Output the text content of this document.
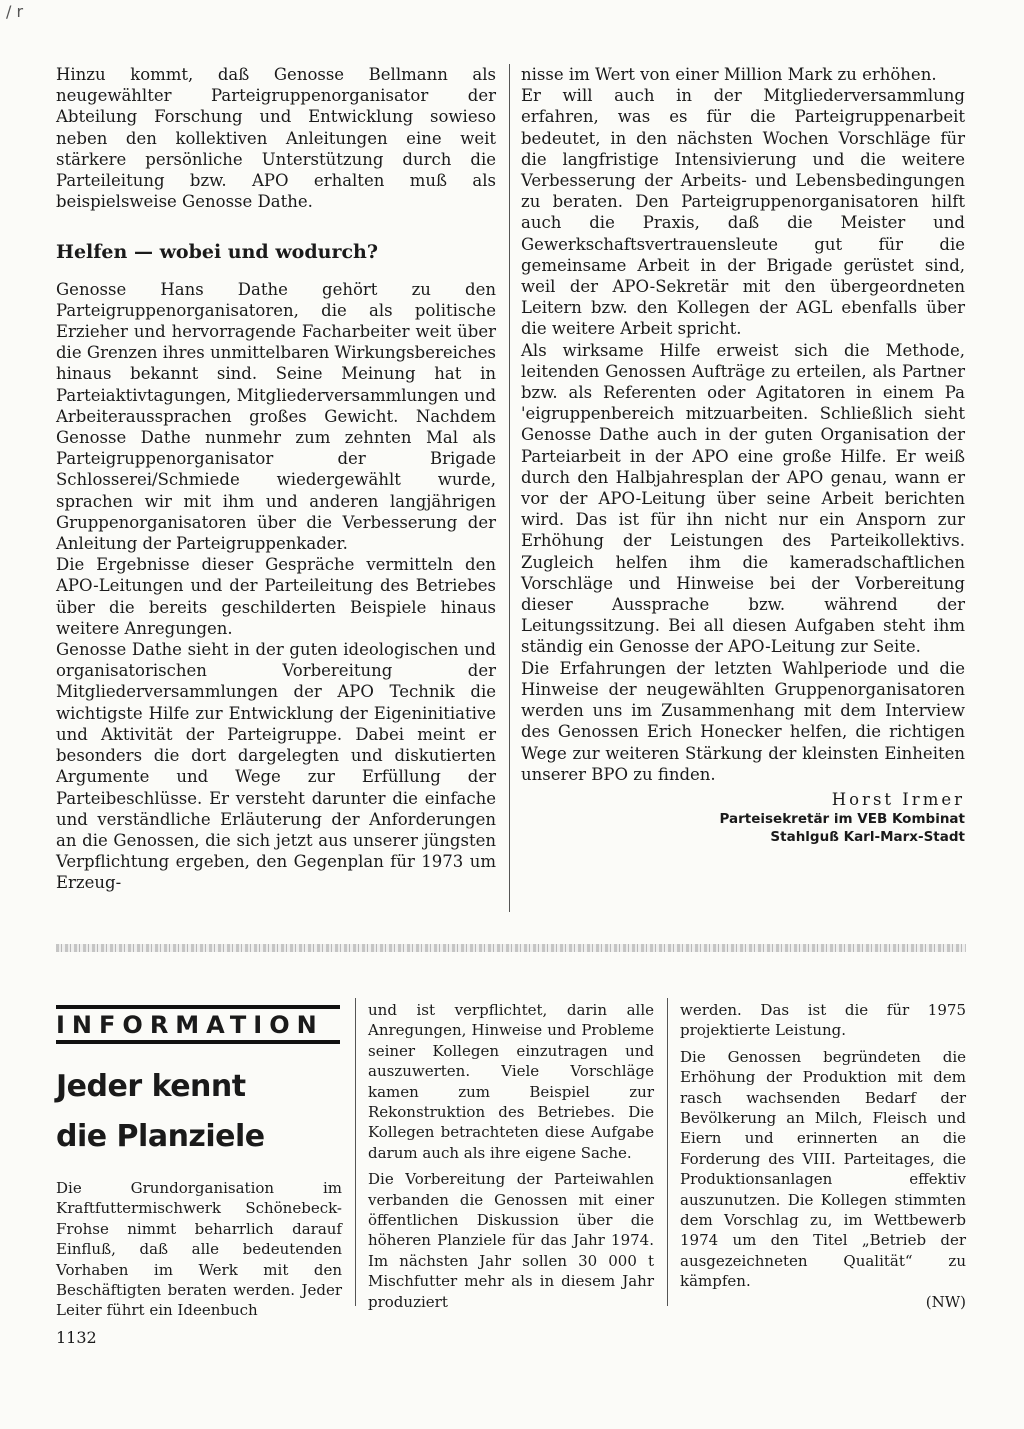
/ r

Hinzu kommt, daß Genosse Bellmann als neugewählter Parteigruppenorganisator der Abteilung Forschung und Entwicklung sowieso neben den kollektiven Anleitungen eine weit stärkere persönliche Unterstützung durch die Parteileitung bzw. APO erhalten muß als beispielsweise Genosse Dathe.

Helfen — wobei und wodurch?

Genosse Hans Dathe gehört zu den Parteigruppenorganisatoren, die als politische Erzieher und hervorragende Facharbeiter weit über die Grenzen ihres unmittelbaren Wirkungsbereiches hinaus bekannt sind. Seine Meinung hat in Parteiaktivtagungen, Mitgliederversammlungen und Arbeiteraussprachen großes Gewicht. Nachdem Genosse Dathe nunmehr zum zehnten Mal als Parteigruppenorganisator der Brigade Schlosserei/Schmiede wiedergewählt wurde, sprachen wir mit ihm und anderen langjährigen Gruppenorganisatoren über die Verbesserung der Anleitung der Parteigruppenkader.

Die Ergebnisse dieser Gespräche vermitteln den APO-Leitungen und der Parteileitung des Betriebes über die bereits geschilderten Beispiele hinaus weitere Anregungen.

Genosse Dathe sieht in der guten ideologischen und organisatorischen Vorbereitung der Mitgliederversammlungen der APO Technik die wichtigste Hilfe zur Entwicklung der Eigeninitiative und Aktivität der Parteigruppe. Dabei meint er besonders die dort dargelegten und diskutierten Argumente und Wege zur Erfüllung der Parteibeschlüsse. Er versteht darunter die einfache und verständliche Erläuterung der Anforderungen an die Genossen, die sich jetzt aus unserer jüngsten Verpflichtung ergeben, den Gegenplan für 1973 um Erzeug-

nisse im Wert von einer Million Mark zu erhöhen.

Er will auch in der Mitgliederversammlung erfahren, was es für die Parteigruppenarbeit bedeutet, in den nächsten Wochen Vorschläge für die langfristige Intensivierung und die weitere Verbesserung der Arbeits- und Lebensbedingungen zu beraten. Den Parteigruppenorganisatoren hilft auch die Praxis, daß die Meister und Gewerkschaftsvertrauensleute gut für die gemeinsame Arbeit in der Brigade gerüstet sind, weil der APO-Sekretär mit den übergeordneten Leitern bzw. den Kollegen der AGL ebenfalls über die weitere Arbeit spricht.

Als wirksame Hilfe erweist sich die Methode, leitenden Genossen Aufträge zu erteilen, als Partner bzw. als Referenten oder Agitatoren in einem Pa 'eigruppenbereich mitzuarbeiten. Schließlich sieht Genosse Dathe auch in der guten Organisation der Parteiarbeit in der APO eine große Hilfe. Er weiß durch den Halbjahresplan der APO genau, wann er vor der APO-Leitung über seine Arbeit berichten wird. Das ist für ihn nicht nur ein Ansporn zur Erhöhung der Leistungen des Parteikollektivs. Zugleich helfen ihm die kameradschaftlichen Vorschläge und Hinweise bei der Vorbereitung dieser Aussprache bzw. während der Leitungssitzung. Bei all diesen Aufgaben steht ihm ständig ein Genosse der APO-Leitung zur Seite.

Die Erfahrungen der letzten Wahlperiode und die Hinweise der neugewählten Gruppenorganisatoren werden uns im Zusammenhang mit dem Interview des Genossen Erich Honecker helfen, die richtigen Wege zur weiteren Stärkung der kleinsten Einheiten unserer BPO zu finden.

Horst Irmer
Parteisekretär im VEB Kombinat
Stahlguß Karl-Marx-Stadt
INFORMATION
Jeder kennt
die Planziele

Die Grundorganisation im Kraftfuttermischwerk Schönebeck-Frohse nimmt beharrlich darauf Einfluß, daß alle bedeutenden Vorhaben im Werk mit den Beschäftigten beraten werden. Jeder Leiter führt ein Ideenbuch

und ist verpflichtet, darin alle Anregungen, Hinweise und Probleme seiner Kollegen einzutragen und auszuwerten. Viele Vorschläge kamen zum Beispiel zur Rekonstruktion des Betriebes. Die Kollegen betrachteten diese Aufgabe darum auch als ihre eigene Sache.

Die Vorbereitung der Parteiwahlen verbanden die Genossen mit einer öffentlichen Diskussion über die höheren Planziele für das Jahr 1974. Im nächsten Jahr sollen 30 000 t Mischfutter mehr als in diesem Jahr produziert

werden. Das ist die für 1975 projektierte Leistung.

Die Genossen begründeten die Erhöhung der Produktion mit dem rasch wachsenden Bedarf der Bevölkerung an Milch, Fleisch und Eiern und erinnerten an die Forderung des VIII. Parteitages, die Produktionsanlagen effektiv auszunutzen. Die Kollegen stimmten dem Vorschlag zu, im Wettbewerb 1974 um den Titel „Betrieb der ausgezeichneten Qualität“ zu kämpfen.

(NW)

1132
